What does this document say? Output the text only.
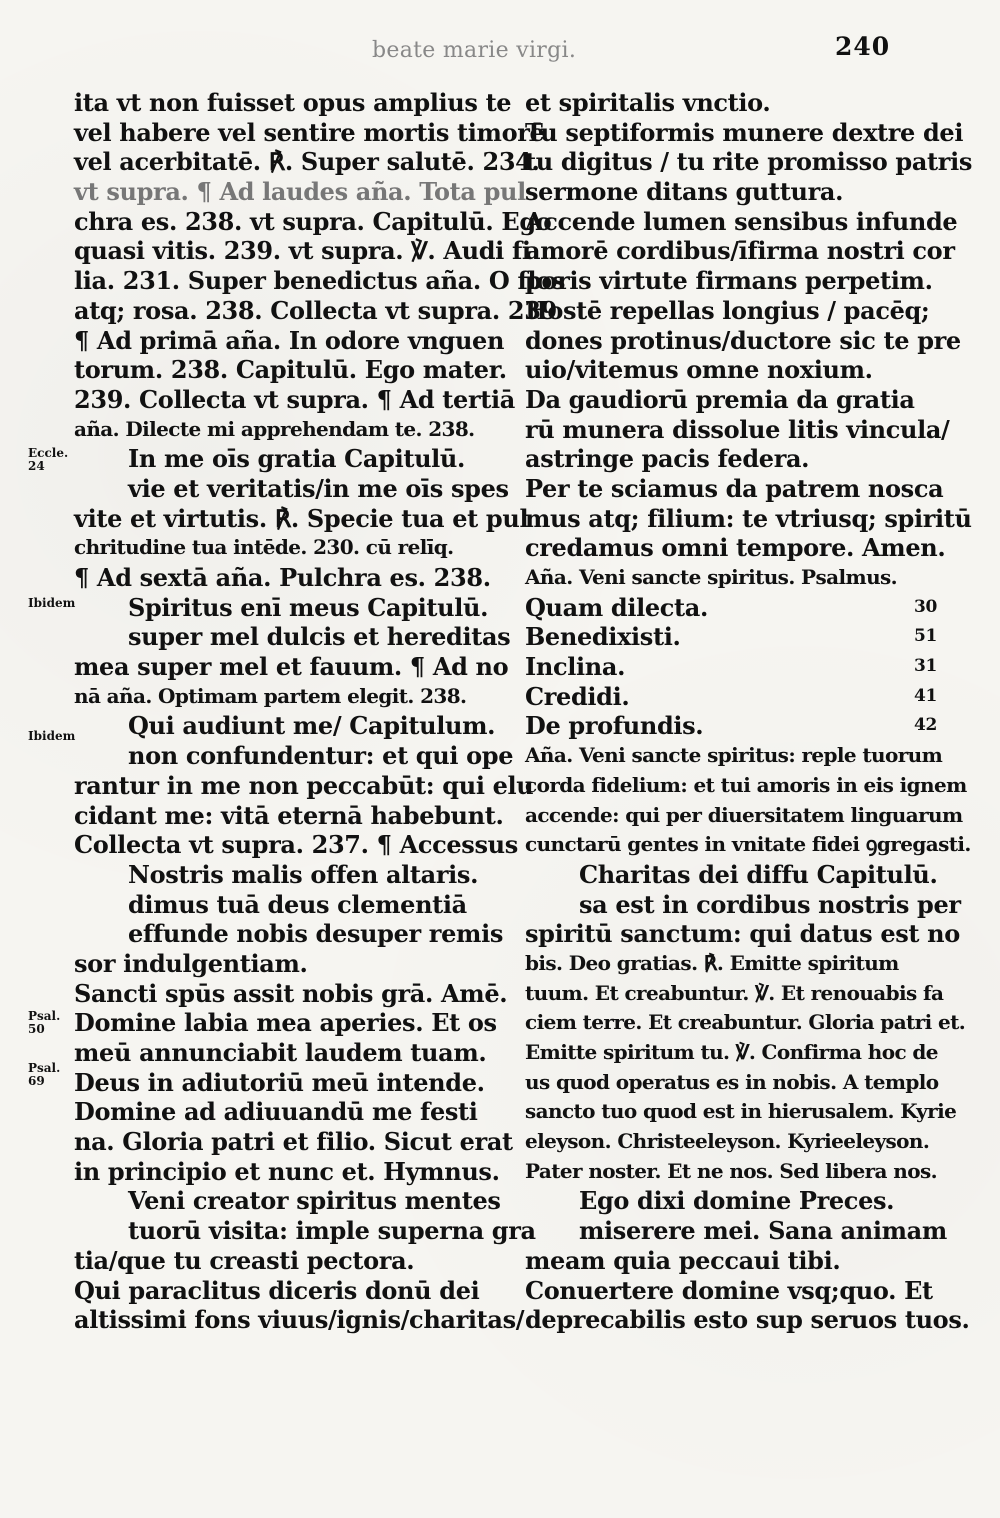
beate marie virgi.	240
Eccle. 24
Ibidem
Ibidem
Psal. 50
Psal. 69
ita vt non fuisset opus amplius te
vel habere vel sentire mortis timorē
vel acerbitatē. ℟. Super salutē. 234.
vt supra. ¶ Ad laudes aña. Tota pul
chra es. 238. vt supra. Capitulū. Ego
quasi vitis. 239. vt supra. ℣. Audi fi
lia. 231. Super benedictus aña. O flos
atq; rosa. 238. Collecta vt supra. 239
¶ Ad primā aña. In odore vnguen
torum. 238. Capitulū. Ego mater.
239. Collecta vt supra. ¶ Ad tertiā
aña. Dilecte mi apprehendam te. 238.
In me oīs gratia Capitulū.
vie et veritatis/in me oīs spes
vite et virtutis. ℟. Specie tua et pul
chritudine tua intēde. 230. cū relīq.
¶ Ad sextā aña. Pulchra es. 238.
Spiritus enī meus Capitulū.
super mel dulcis et hereditas
mea super mel et fauum. ¶ Ad no
nā aña. Optimam partem elegit. 238.
Qui audiunt me/ Capitulum.
non confundentur: et qui ope
rantur in me non peccabūt: qui elu
cidant me: vitā eternā habebunt.
Collecta vt supra. 237. ¶ Accessus
Nostris malis offen altaris.
dimus tuā deus clementiā
effunde nobis desuper remis
sor indulgentiam.
Sancti spūs assit nobis grā. Amē.
Domine labia mea aperies. Et os
meū annunciabit laudem tuam.
Deus in adiutoriū meū intende.
Domine ad adiuuandū me festi
na. Gloria patri et filio. Sicut erat
in principio et nunc et. Hymnus.
Veni creator spiritus mentes
tuorū visita: imple superna gra
tia/que tu creasti pectora.
Qui paraclitus diceris donū dei
altissimi fons viuus/ignis/charitas/
et spiritalis vnctio.
Tu septiformis munere dextre dei
tu digitus / tu rite promisso patris
sermone ditans guttura.
Accende lumen sensibus infunde
amorē cordibus/īfirma nostri cor
poris virtute firmans perpetim.
Hostē repellas longius / pacēq;
dones protinus/ductore sic te pre
uio/vitemus omne noxium.
Da gaudiorū premia da gratia
rū munera dissolue litis vincula/
astringe pacis federa.
Per te sciamus da patrem nosca
mus atq; filium: te vtriusq; spiritū
credamus omni tempore. Amen.
Aña. Veni sancte spiritus. Psalmus.
Quam dilecta.	30
Benedixisti.	51
Inclina.	31
Credidi.	41
De profundis.	42
Aña. Veni sancte spiritus: reple tuorum
corda fidelium: et tui amoris in eis ignem
accende: qui per diuersitatem linguarum
cunctarū gentes in vnitate fidei ꝯgregasti.
Charitas dei diffu Capitulū.
sa est in cordibus nostris per
spiritū sanctum: qui datus est no
bis. Deo gratias. ℟. Emitte spiritum
tuum. Et creabuntur. ℣. Et renouabis fa
ciem terre. Et creabuntur. Gloria patri et.
Emitte spiritum tu. ℣. Confirma hoc de
us quod operatus es in nobis. A templo
sancto tuo quod est in hierusalem. Kyrie
eleyson. Christeeleyson. Kyrieeleyson.
Pater noster. Et ne nos. Sed libera nos.
Ego dixi domine Preces.
miserere mei. Sana animam
meam quia peccaui tibi.
Conuertere domine vsq;quo. Et
deprecabilis esto sup seruos tuos.
